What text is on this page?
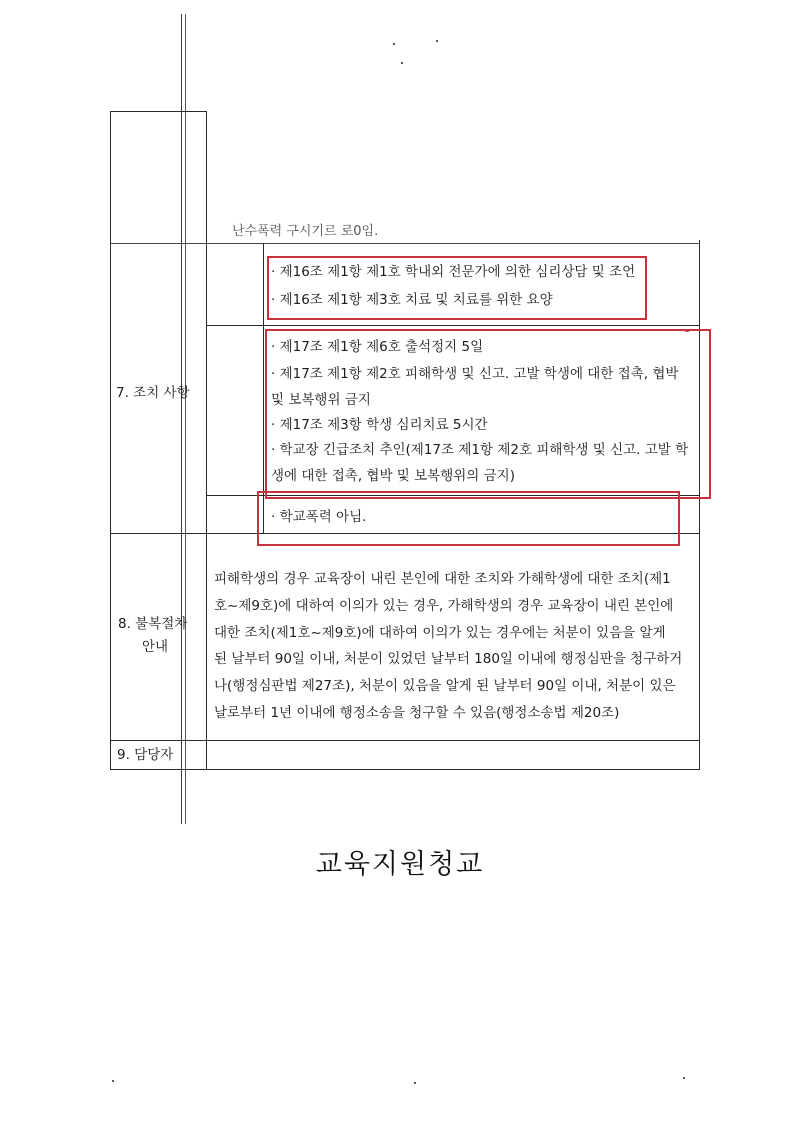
난수폭력 구시기르 로0임.
7. 조치 사항
· 제16조 제1항 제1호 학내외 전문가에 의한 심리상담 및 조언
· 제16조 제1항 제3호 치료 및 치료를 위한 요양
· 제17조 제1항 제6호 출석정지 5일
· 제17조 제1항 제2호 피해학생 및 신고. 고발 학생에 대한 접촉, 협박
및 보복행위 금지
· 제17조 제3항 학생 심리치료 5시간
· 학교장 긴급조치 추인(제17조 제1항 제2호 피해학생 및 신고. 고발 학
생에 대한 접촉, 협박 및 보복행위의 금지)
· 학교폭력 아님.
8. 불복절차
안내
피해학생의 경우 교육장이 내린 본인에 대한 조치와 가해학생에 대한 조치(제1
호~제9호)에 대하여 이의가 있는 경우, 가해학생의 경우 교육장이 내린 본인에
대한 조치(제1호~제9호)에 대하여 이의가 있는 경우에는 처분이 있음을 알게
된 날부터 90일 이내, 처분이 있었던 날부터 180일 이내에 행정심판을 청구하거
나(행정심판법 제27조), 처분이 있음을 알게 된 날부터 90일 이내, 처분이 있은
날로부터 1년 이내에 행정소송을 청구할 수 있음(행정소송법 제20조)
9. 담당자
교육지원청교
